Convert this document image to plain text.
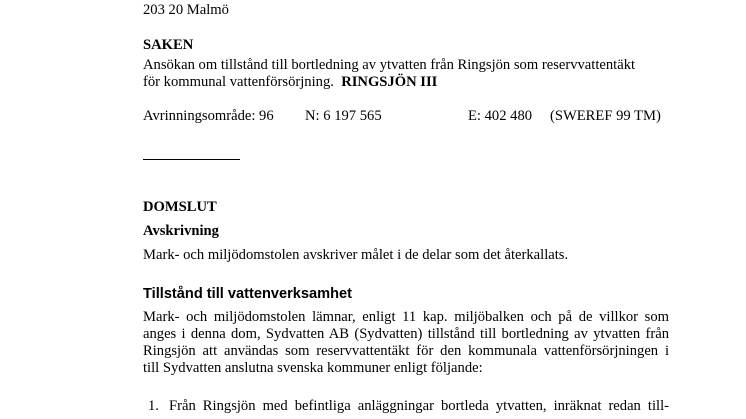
203 20 Malmö
SAKEN
Ansökan om tillstånd till bortledning av ytvatten från Ringsjön som reservvattentäkt
för kommunal vattenförsörjning. RINGSJÖN III
Avrinningsområde: 96 N: 6 197 565	E: 402 480 (SWEREF 99 TM)
DOMSLUT
Avskrivning
Mark- och miljödomstolen avskriver målet i de delar som det återkallats.
Tillstånd till vattenverksamhet
Mark- och miljödomstolen lämnar, enligt 11 kap. miljöbalken och på de villkor som
anges i denna dom, Sydvatten AB (Sydvatten) tillstånd till bortledning av ytvatten från
Ringsjön att användas som reservvattentäkt för den kommunala vattenförsörjningen i
till Sydvatten anslutna svenska kommuner enligt följande:
1. Från Ringsjön med befintliga anläggningar bortleda ytvatten, inräknat redan till-
